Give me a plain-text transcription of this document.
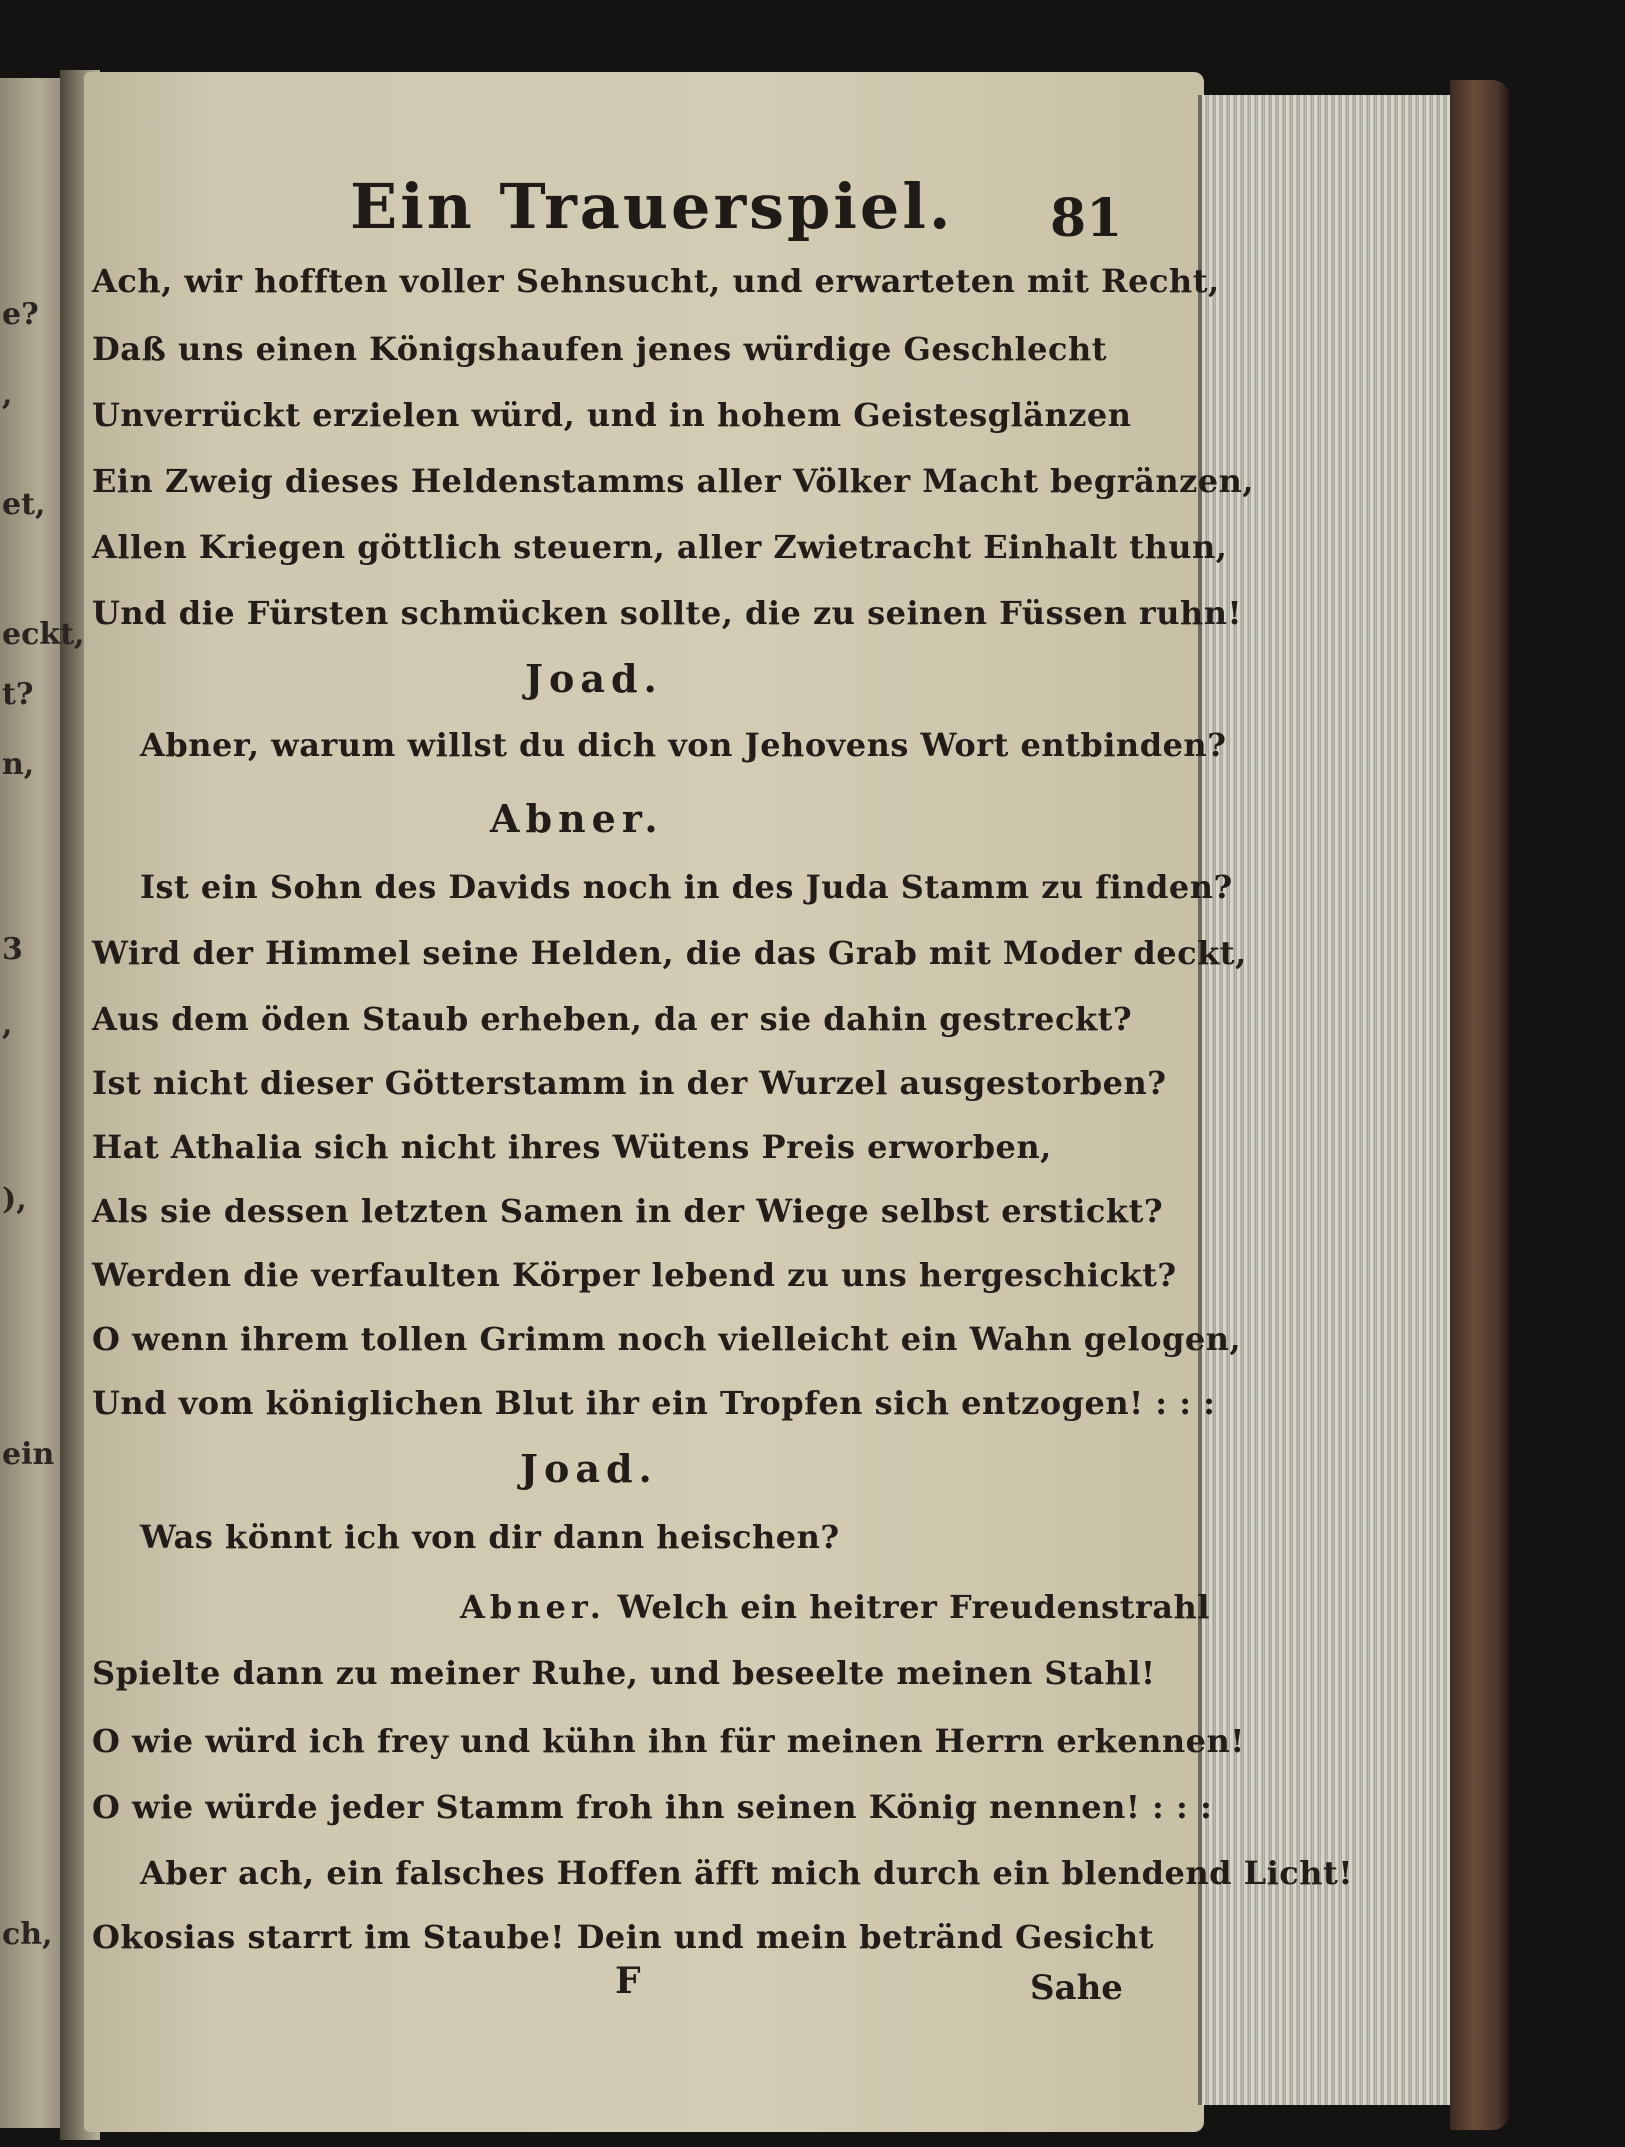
e?
,
et,
eckt,
t?
n,
3
,
),
ein
ch,
Ein Trauerspiel. 81
Ach, wir hofften voller Sehnsucht, und erwarteten mit Recht,
Daß uns einen Königshaufen jenes würdige Geschlecht
Unverrückt erzielen würd, und in hohem Geistesglänzen
Ein Zweig dieses Heldenstamms aller Völker Macht begränzen,
Allen Kriegen göttlich steuern, aller Zwietracht Einhalt thun,
Und die Fürsten schmücken sollte, die zu seinen Füssen ruhn!
Joad.
Abner, warum willst du dich von Jehovens Wort entbinden?
Abner.
Ist ein Sohn des Davids noch in des Juda Stamm zu finden?
Wird der Himmel seine Helden, die das Grab mit Moder deckt,
Aus dem öden Staub erheben, da er sie dahin gestreckt?
Ist nicht dieser Götterstamm in der Wurzel ausgestorben?
Hat Athalia sich nicht ihres Wütens Preis erworben,
Als sie dessen letzten Samen in der Wiege selbst erstickt?
Werden die verfaulten Körper lebend zu uns hergeschickt?
O wenn ihrem tollen Grimm noch vielleicht ein Wahn gelogen,
Und vom königlichen Blut ihr ein Tropfen sich entzogen! : : :
Joad.
Was könnt ich von dir dann heischen?
Abner. Welch ein heitrer Freudenstrahl
Spielte dann zu meiner Ruhe, und beseelte meinen Stahl!
O wie würd ich frey und kühn ihn für meinen Herrn erkennen!
O wie würde jeder Stamm froh ihn seinen König nennen! : : :
Aber ach, ein falsches Hoffen äfft mich durch ein blendend Licht!
Okosias starrt im Staube! Dein und mein betränd Gesicht
F	Sahe
